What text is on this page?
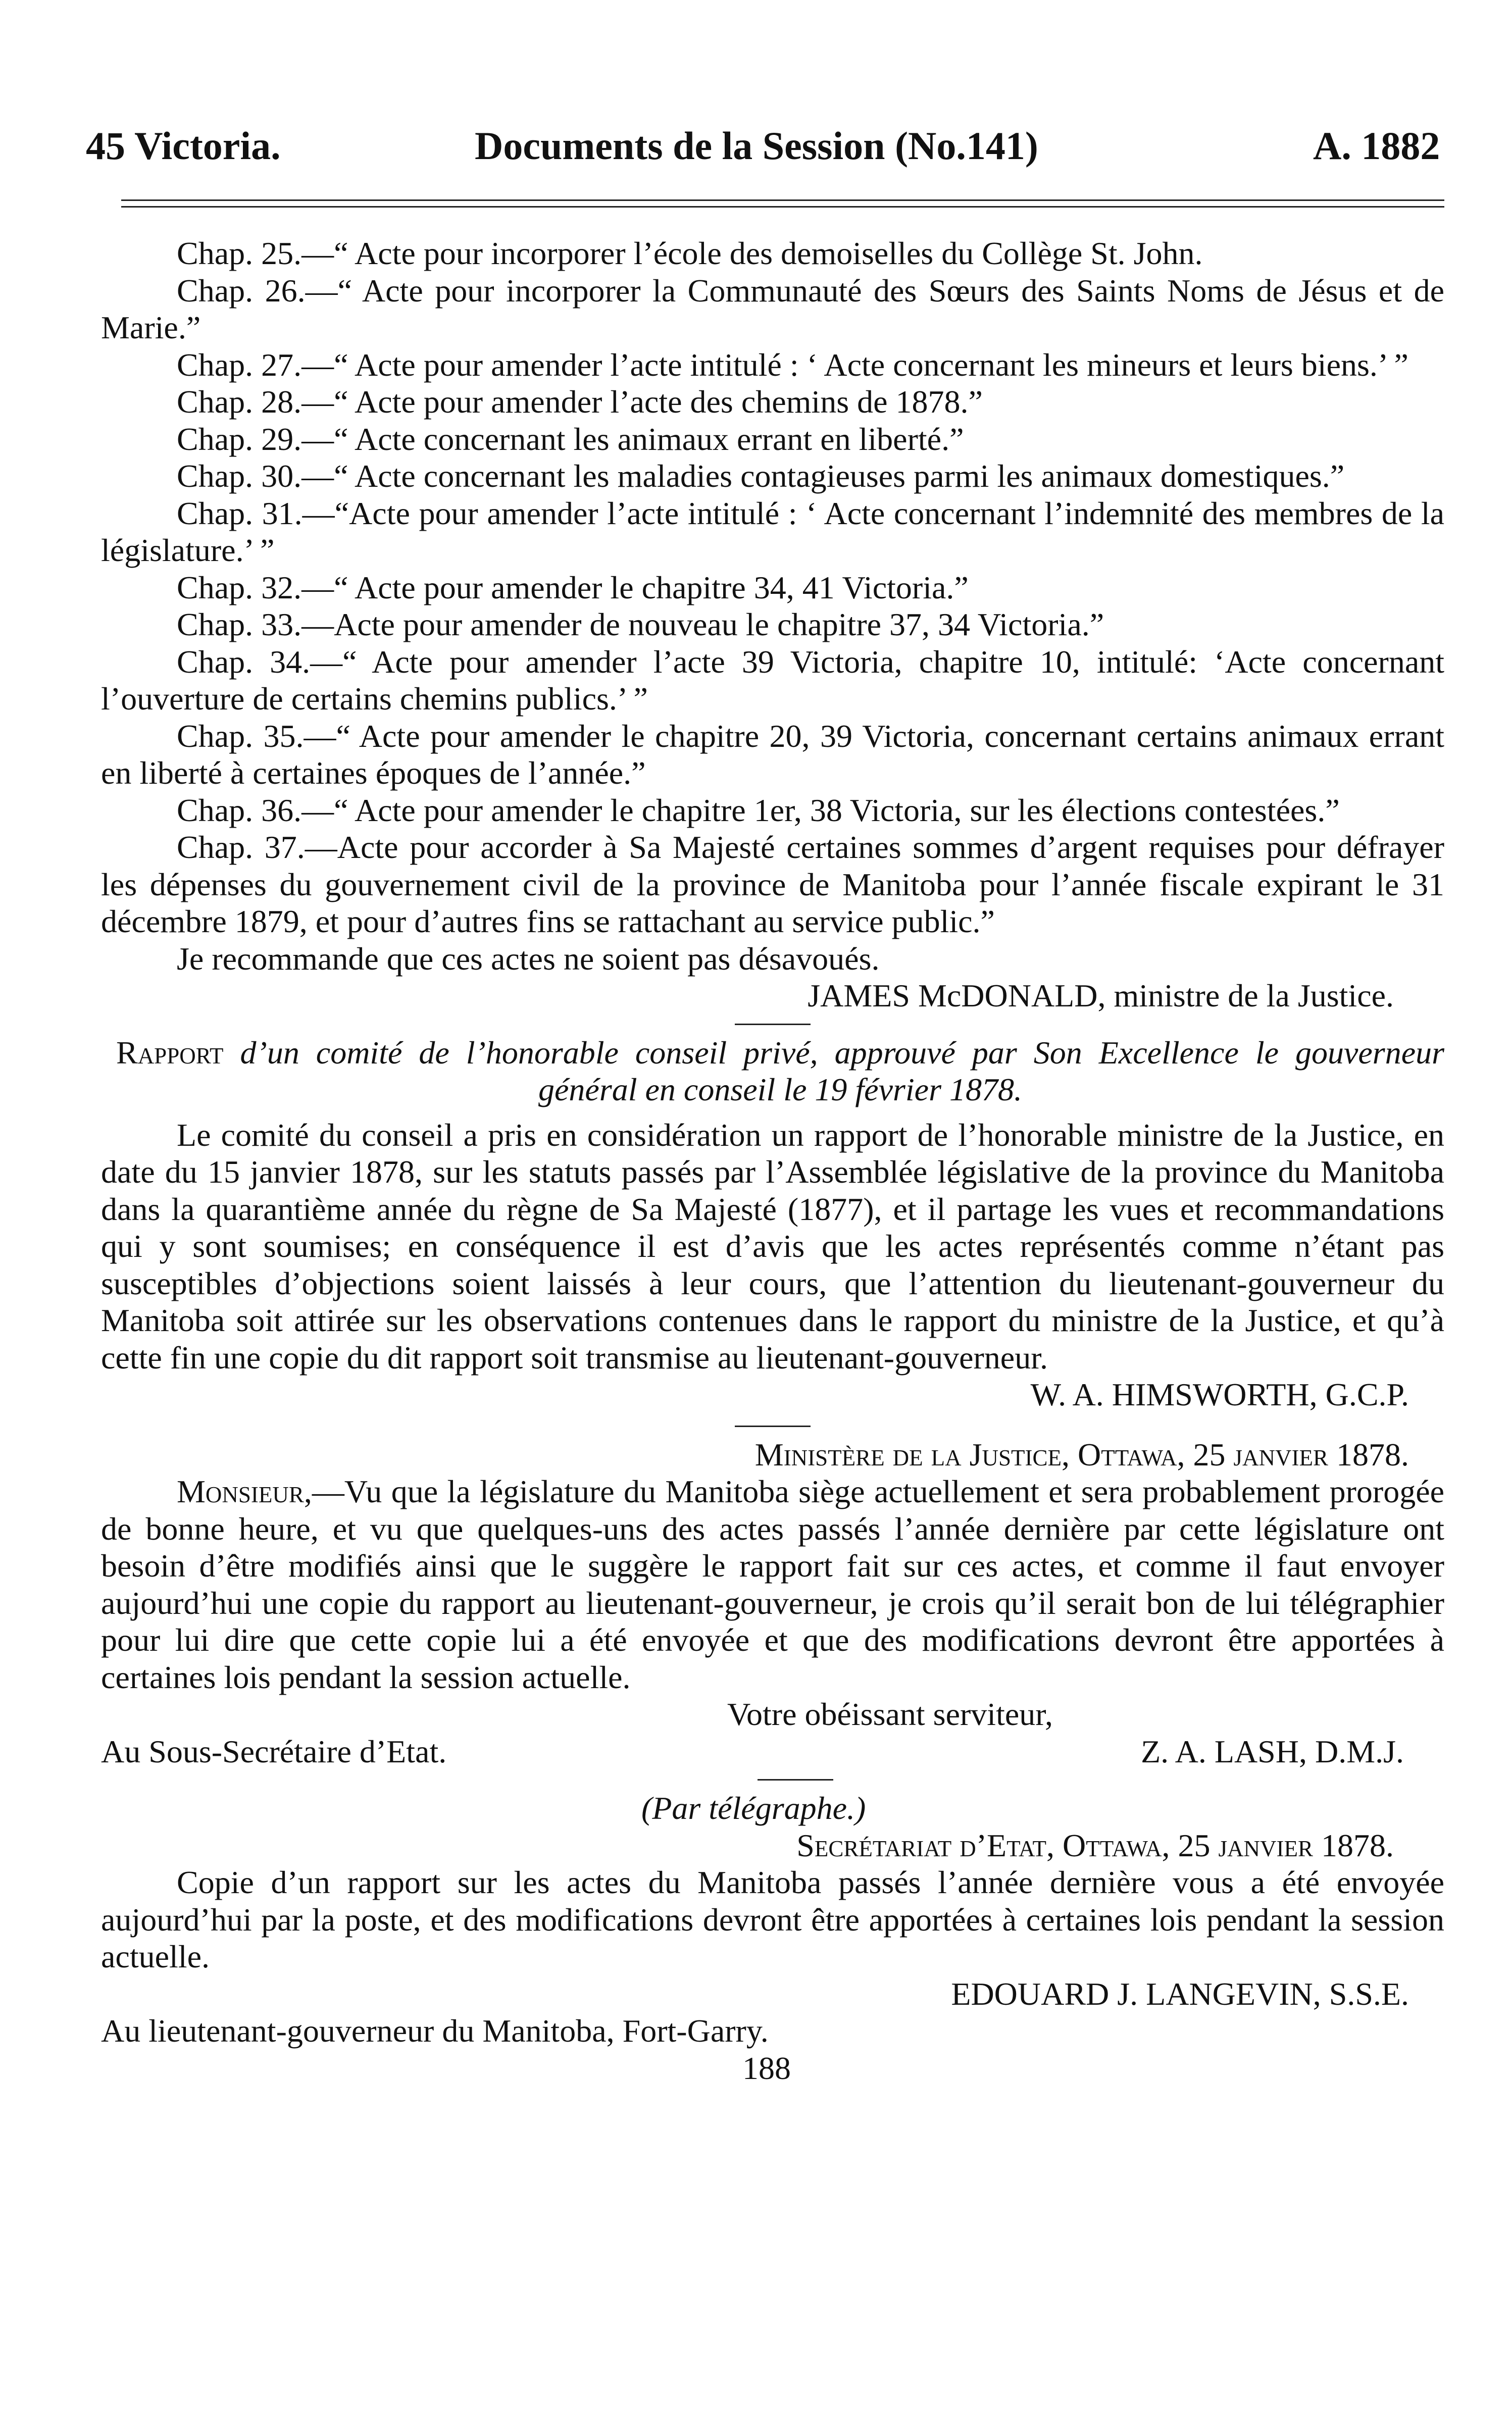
45 Victoria.	Documents de la Session (No.141)	A. 1882

Chap. 25.—“ Acte pour incorporer l’école des demoiselles du Collège St. John.

Chap. 26.—“ Acte pour incorporer la Communauté des Sœurs des Saints Noms de Jésus et de Marie.”

Chap. 27.—“ Acte pour amender l’acte intitulé : ‘ Acte concernant les mineurs et leurs biens.’ ”

Chap. 28.—“ Acte pour amender l’acte des chemins de 1878.”

Chap. 29.—“ Acte concernant les animaux errant en liberté.”

Chap. 30.—“ Acte concernant les maladies contagieuses parmi les animaux domestiques.”

Chap. 31.—“Acte pour amender l’acte intitulé : ‘ Acte concernant l’indemnité des membres de la législature.’ ”

Chap. 32.—“ Acte pour amender le chapitre 34, 41 Victoria.”

Chap. 33.—Acte pour amender de nouveau le chapitre 37, 34 Victoria.”

Chap. 34.—“ Acte pour amender l’acte 39 Victoria, chapitre 10, intitulé: ‘Acte concernant l’ouverture de certains chemins publics.’ ”

Chap. 35.—“ Acte pour amender le chapitre 20, 39 Victoria, concernant certains animaux errant en liberté à certaines époques de l’année.”

Chap. 36.—“ Acte pour amender le chapitre 1er, 38 Victoria, sur les élections contestées.”

Chap. 37.—Acte pour accorder à Sa Majesté certaines sommes d’argent requises pour défrayer les dépenses du gouvernement civil de la province de Manitoba pour l’année fiscale expirant le 31 décembre 1879, et pour d’autres fins se rattachant au service public.”

Je recommande que ces actes ne soient pas désavoués.

JAMES McDONALD, ministre de la Justice.

Rapport d’un comité de l’honorable conseil privé, approuvé par Son Excellence le gouverneur général en conseil le 19 février 1878.

Le comité du conseil a pris en considération un rapport de l’honorable ministre de la Justice, en date du 15 janvier 1878, sur les statuts passés par l’Assemblée législative de la province du Manitoba dans la quarantième année du règne de Sa Majesté (1877), et il partage les vues et recommandations qui y sont soumises; en conséquence il est d’avis que les actes représentés comme n’étant pas susceptibles d’objections soient laissés à leur cours, que l’attention du lieutenant-gouverneur du Manitoba soit attirée sur les observations contenues dans le rapport du ministre de la Justice, et qu’à cette fin une copie du dit rapport soit transmise au lieutenant-gouverneur.

W. A. HIMSWORTH, G.C.P.

Ministère de la Justice, Ottawa, 25 janvier 1878.

Monsieur,—Vu que la législature du Manitoba siège actuellement et sera probablement prorogée de bonne heure, et vu que quelques-uns des actes passés l’année dernière par cette législature ont besoin d’être modifiés ainsi que le suggère le rapport fait sur ces actes, et comme il faut envoyer aujourd’hui une copie du rapport au lieutenant-gouverneur, je crois qu’il serait bon de lui télégraphier pour lui dire que cette copie lui a été envoyée et que des modifications devront être apportées à certaines lois pendant la session actuelle.

Votre obéissant serviteur,

Au Sous-Secrétaire d’Etat.	Z. A. LASH, D.M.J.

(Par télégraphe.)

Secrétariat d’Etat, Ottawa, 25 janvier 1878.

Copie d’un rapport sur les actes du Manitoba passés l’année dernière vous a été envoyée aujourd’hui par la poste, et des modifications devront être apportées à certaines lois pendant la session actuelle.

EDOUARD J. LANGEVIN, S.S.E.

Au lieutenant-gouverneur du Manitoba, Fort-Garry.

188
